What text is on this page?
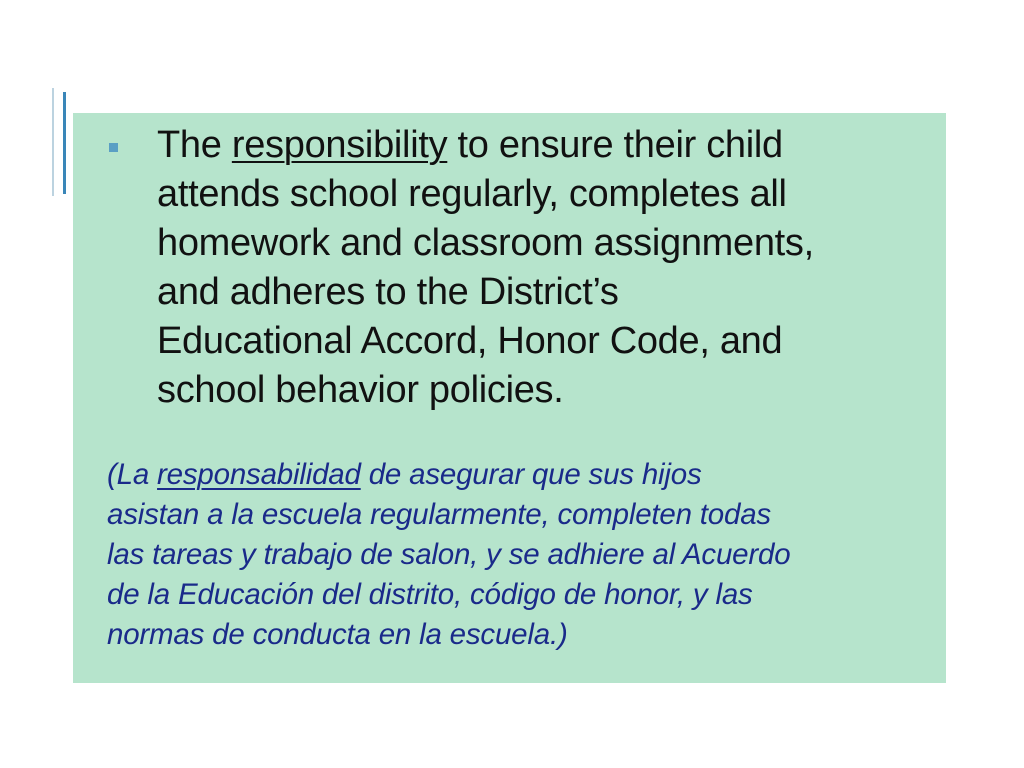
The responsibility to ensure their child
attends school regularly, completes all
homework and classroom assignments,
and adheres to the District’s
Educational Accord, Honor Code, and
school behavior policies.
(La responsabilidad de asegurar que sus hijos
asistan a la escuela regularmente, completen todas
las tareas y trabajo de salon, y se adhiere al Acuerdo
de la Educación del distrito, código de honor, y las
normas de conducta en la escuela.)
